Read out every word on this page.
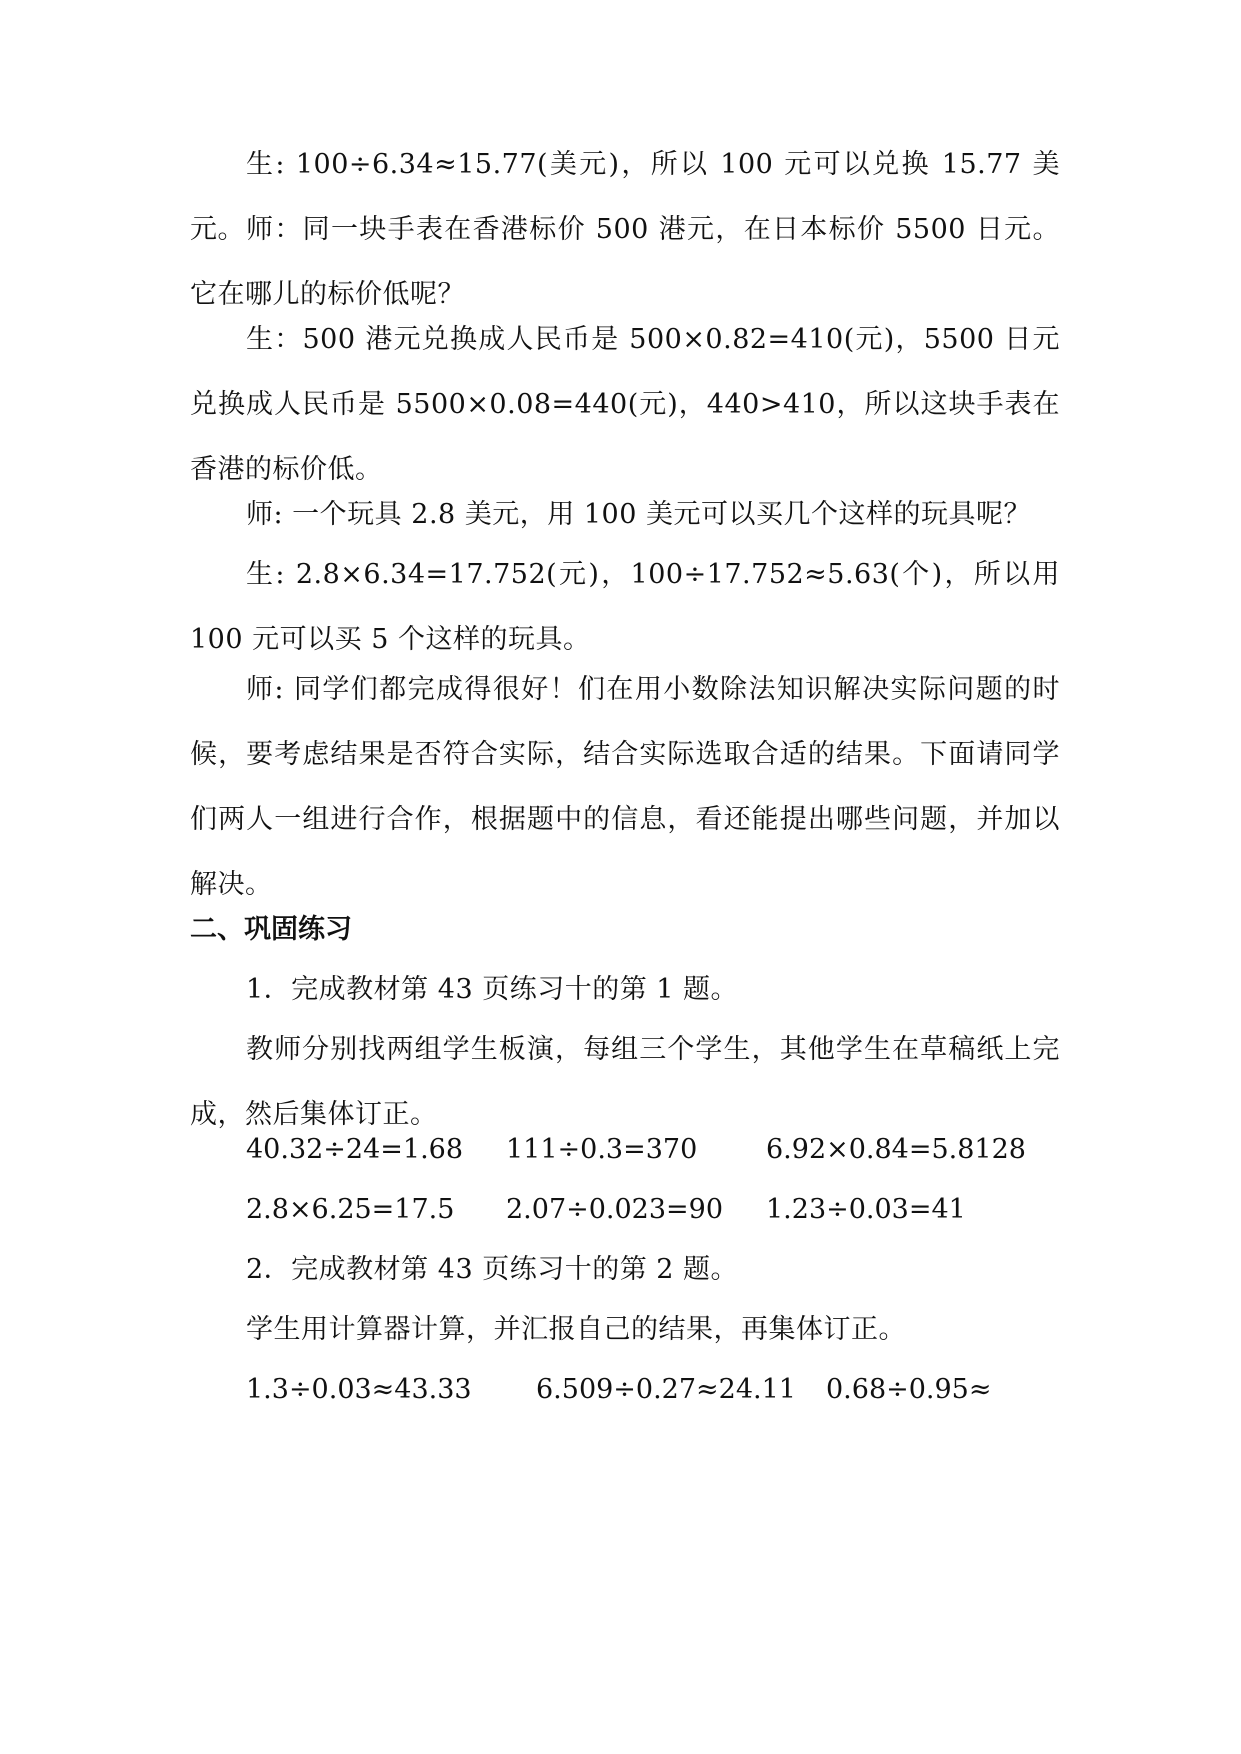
生: 100÷6.34≈15.77(美元)，所以 100 元可以兑换 15.77 美元。 师：同一块手表在香港标价 500 港元，在日本标价 5500 日元。它在哪儿的标价低呢？

生：500 港元兑换成人民币是 500×0.82=410(元)，5500 日元兑换成人民币是 5500×0.08=440(元)，440>410，所以这块手表在香港的标价低。

师: 一个玩具 2.8 美元，用 100 美元可以买几个这样的玩具呢？

生: 2.8×6.34=17.752(元)，100÷17.752≈5.63(个)，所以用 100 元可以买 5 个这样的玩具。

师: 同学们都完成得很好！们在用小数除法知识解决实际问题的时候，要考虑结果是否符合实际，结合实际选取合适的结果。下面请同学们两人一组进行合作，根据题中的信息，看还能提出哪些问题，并加以解决。

二、巩固练习

1．完成教材第 43 页练习十的第 1 题。

教师分别找两组学生板演，每组三个学生，其他学生在草稿纸上完成，然后集体订正。

40.32÷24=1.68 111÷0.3=370	6.92×0.84=5.8128
2.8×6.25=17.5 2.07÷0.023=90 1.23÷0.03=41

2．完成教材第 43 页练习十的第 2 题。

学生用计算器计算，并汇报自己的结果，再集体订正。

1.3÷0.03≈43.33 6.509÷0.27≈24.11 0.68÷0.95≈
